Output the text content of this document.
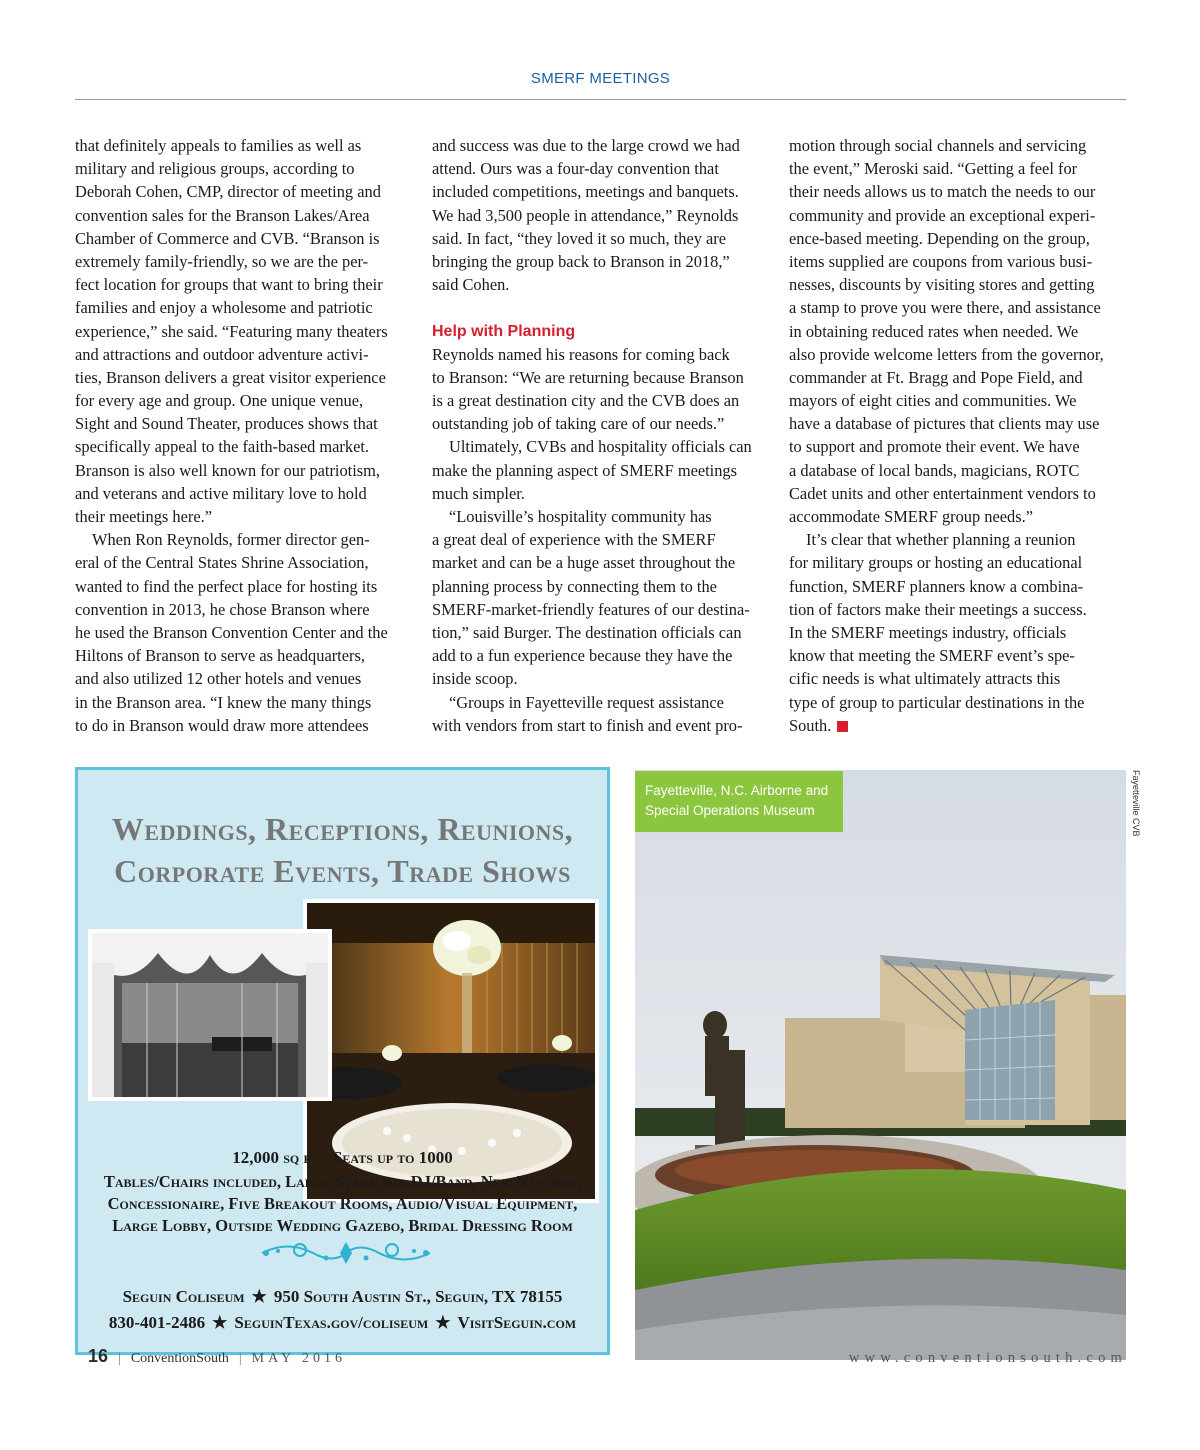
SMERF MEETINGS
that definitely appeals to families as well as
military and religious groups, according to
Deborah Cohen, CMP, director of meeting and
convention sales for the Branson Lakes/Area
Chamber of Commerce and CVB. “Branson is
extremely family-friendly, so we are the per-
fect location for groups that want to bring their
families and enjoy a wholesome and patriotic
experience,” she said. “Featuring many theaters
and attractions and outdoor adventure activi-
ties, Branson delivers a great visitor experience
for every age and group. One unique venue,
Sight and Sound Theater, produces shows that
specifically appeal to the faith-based market.
Branson is also well known for our patriotism,
and veterans and active military love to hold
their meetings here.”
When Ron Reynolds, former director gen-
eral of the Central States Shrine Association,
wanted to find the perfect place for hosting its
convention in 2013, he chose Branson where
he used the Branson Convention Center and the
Hiltons of Branson to serve as headquarters,
and also utilized 12 other hotels and venues
in the Branson area. “I knew the many things
to do in Branson would draw more attendees
and success was due to the large crowd we had
attend. Ours was a four-day convention that
included competitions, meetings and banquets.
We had 3,500 people in attendance,” Reynolds
said. In fact, “they loved it so much, they are
bringing the group back to Branson in 2018,”
said Cohen.
Help with Planning
Reynolds named his reasons for coming back
to Branson: “We are returning because Branson
is a great destination city and the CVB does an
outstanding job of taking care of our needs.”
Ultimately, CVBs and hospitality officials can
make the planning aspect of SMERF meetings
much simpler.
“Louisville’s hospitality community has
a great deal of experience with the SMERF
market and can be a huge asset throughout the
planning process by connecting them to the
SMERF-market-friendly features of our destina-
tion,” said Burger. The destination officials can
add to a fun experience because they have the
inside scoop.
“Groups in Fayetteville request assistance
with vendors from start to finish and event pro-
motion through social channels and servicing
the event,” Meroski said. “Getting a feel for
their needs allows us to match the needs to our
community and provide an exceptional experi-
ence-based meeting. Depending on the group,
items supplied are coupons from various busi-
nesses, discounts by visiting stores and getting
a stamp to prove you were there, and assistance
in obtaining reduced rates when needed. We
also provide welcome letters from the governor,
commander at Ft. Bragg and Pope Field, and
mayors of eight cities and communities. We
have a database of pictures that clients may use
to support and promote their event. We have
a database of local bands, magicians, ROTC
Cadet units and other entertainment vendors to
accommodate SMERF group needs.”
It’s clear that whether planning a reunion
for military groups or hosting an educational
function, SMERF planners know a combina-
tion of factors make their meetings a success.
In the SMERF meetings industry, officials
know that meeting the SMERF event’s spe-
cific needs is what ultimately attracts this
type of group to particular destinations in the
South.
Weddings, Receptions, Reunions,
Corporate Events, Trade Shows
12,000 sq ft - Seats up to 1000
Tables/Chairs included, Large Stage for DJ/Band, New Kitchen,
Concessionaire, Five Breakout Rooms, Audio/Visual Equipment,
Large Lobby, Outside Wedding Gazebo, Bridal Dressing Room
Seguin Coliseum ★ 950 South Austin St., Seguin, TX 78155
830-401-2486 ★ SeguinTexas.gov/coliseum ★ VisitSeguin.com
Fayetteville, N.C. Airborne and
Special Operations Museum	Fayetteville CVB
16 | ConventionSouth | MAY 2016	www.conventionsouth.com
